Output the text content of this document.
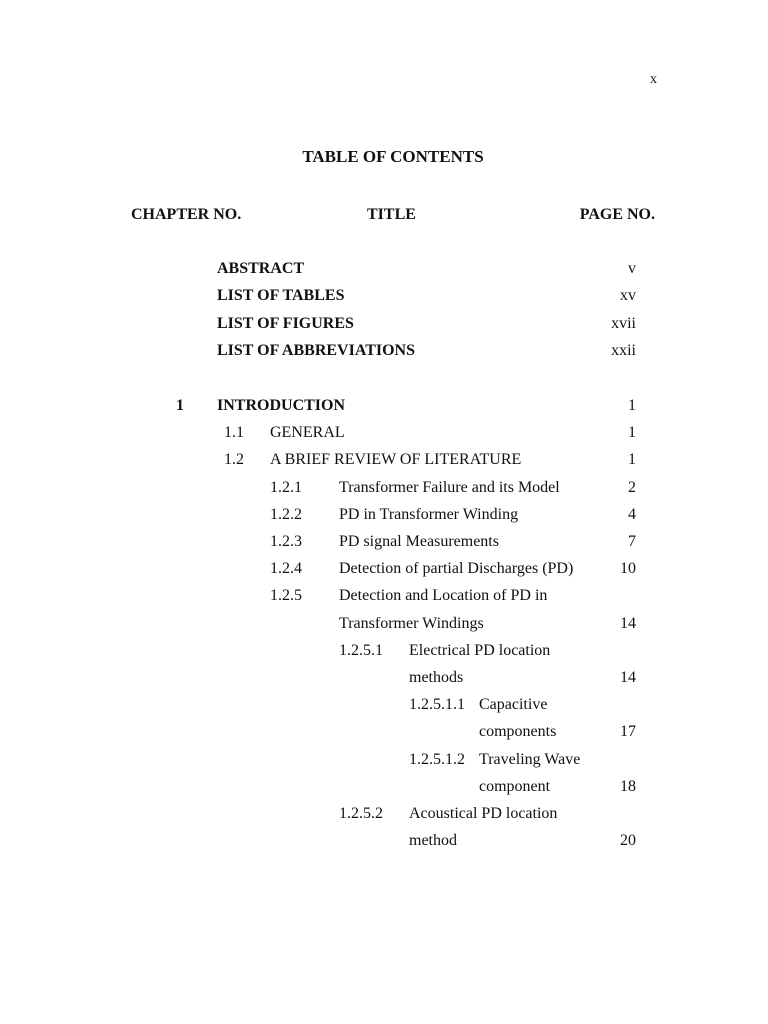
x
TABLE OF CONTENTS
CHAPTER NO.	TITLE	PAGE NO.
ABSTRACT	v
LIST OF TABLES	xv
LIST OF FIGURES	xvii
LIST OF ABBREVIATIONS	xxii
1 INTRODUCTION	1
1.1 GENERAL	1
1.2 A BRIEF REVIEW OF LITERATURE	1
1.2.1 Transformer Failure and its Model	2
1.2.2 PD in Transformer Winding	4
1.2.3 PD signal Measurements	7
1.2.4 Detection of partial Discharges (PD)	10
1.2.5 Detection and Location of PD in
Transformer Windings	14
1.2.5.1 Electrical PD location
methods	14
1.2.5.1.1 Capacitive
components	17
1.2.5.1.2 Traveling Wave
component	18
1.2.5.2 Acoustical PD location
method	20
